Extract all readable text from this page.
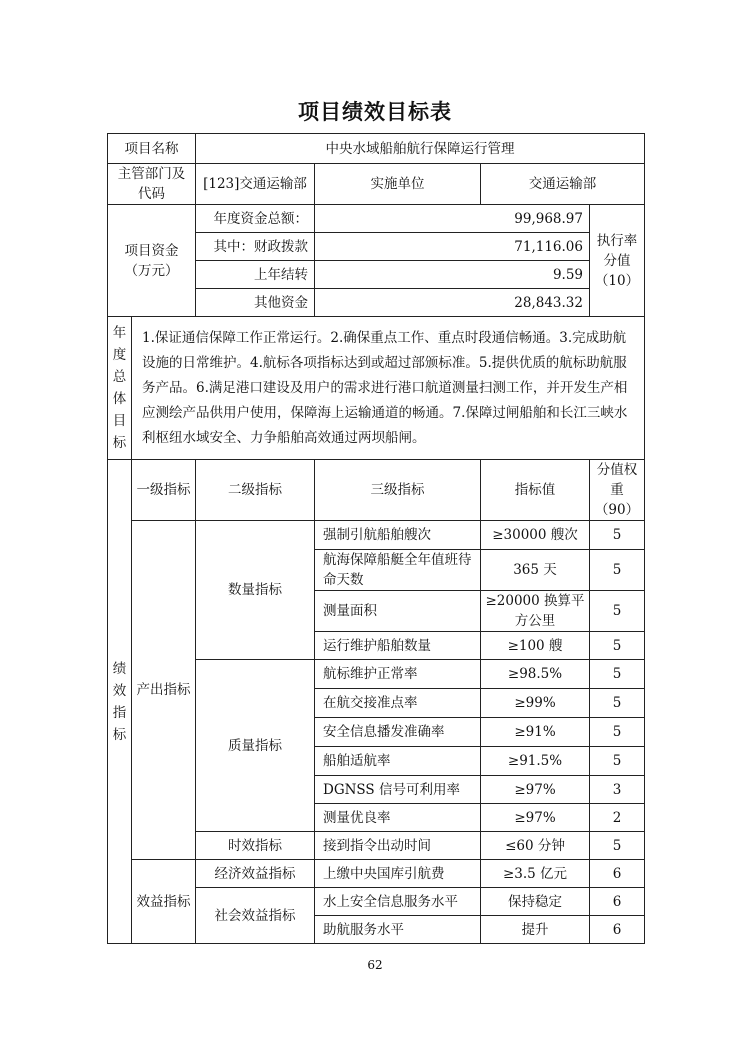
项目绩效目标表
项目名称		中央水域船舶航行保障运行管理			
主管部门及代码		[123]交通运输部	实施单位	交通运输部	
项目资金（万元）		年度资金总额：	99,968.97		执行率分值（10）
		其中：财政拨款	71,116.06		
		上年结转	9.59		
		其他资金	28,843.32		
年度总体目标	1.保证通信保障工作正常运行。2.确保重点工作、重点时段通信畅通。3.完成助航设施的日常维护。4.航标各项指标达到或超过部颁标准。5.提供优质的航标助航服务产品。6.满足港口建设及用户的需求进行港口航道测量扫测工作，并开发生产相应测绘产品供用户使用，保障海上运输通道的畅通。7.保障过闸船舶和长江三峡水利枢纽水域安全、力争船舶高效通过两坝船闸。				
绩效指标	一级指标	二级指标	三级指标	指标值	分值权重（90）
	产出指标	数量指标	强制引航船舶艘次	≥30000 艘次	5
			航海保障船艇全年值班待命天数	365 天	5
			测量面积	≥20000 换算平方公里	5
			运行维护船舶数量	≥100 艘	5
		质量指标	航标维护正常率	≥98.5%	5
			在航交接准点率	≥99%	5
			安全信息播发准确率	≥91%	5
			船舶适航率	≥91.5%	5
			DGNSS 信号可利用率	≥97%	3
			测量优良率	≥97%	2
		时效指标	接到指令出动时间	≤60 分钟	5
	效益指标	经济效益指标	上缴中央国库引航费	≥3.5 亿元	6
		社会效益指标	水上安全信息服务水平	保持稳定	6
			助航服务水平	提升	6
62
